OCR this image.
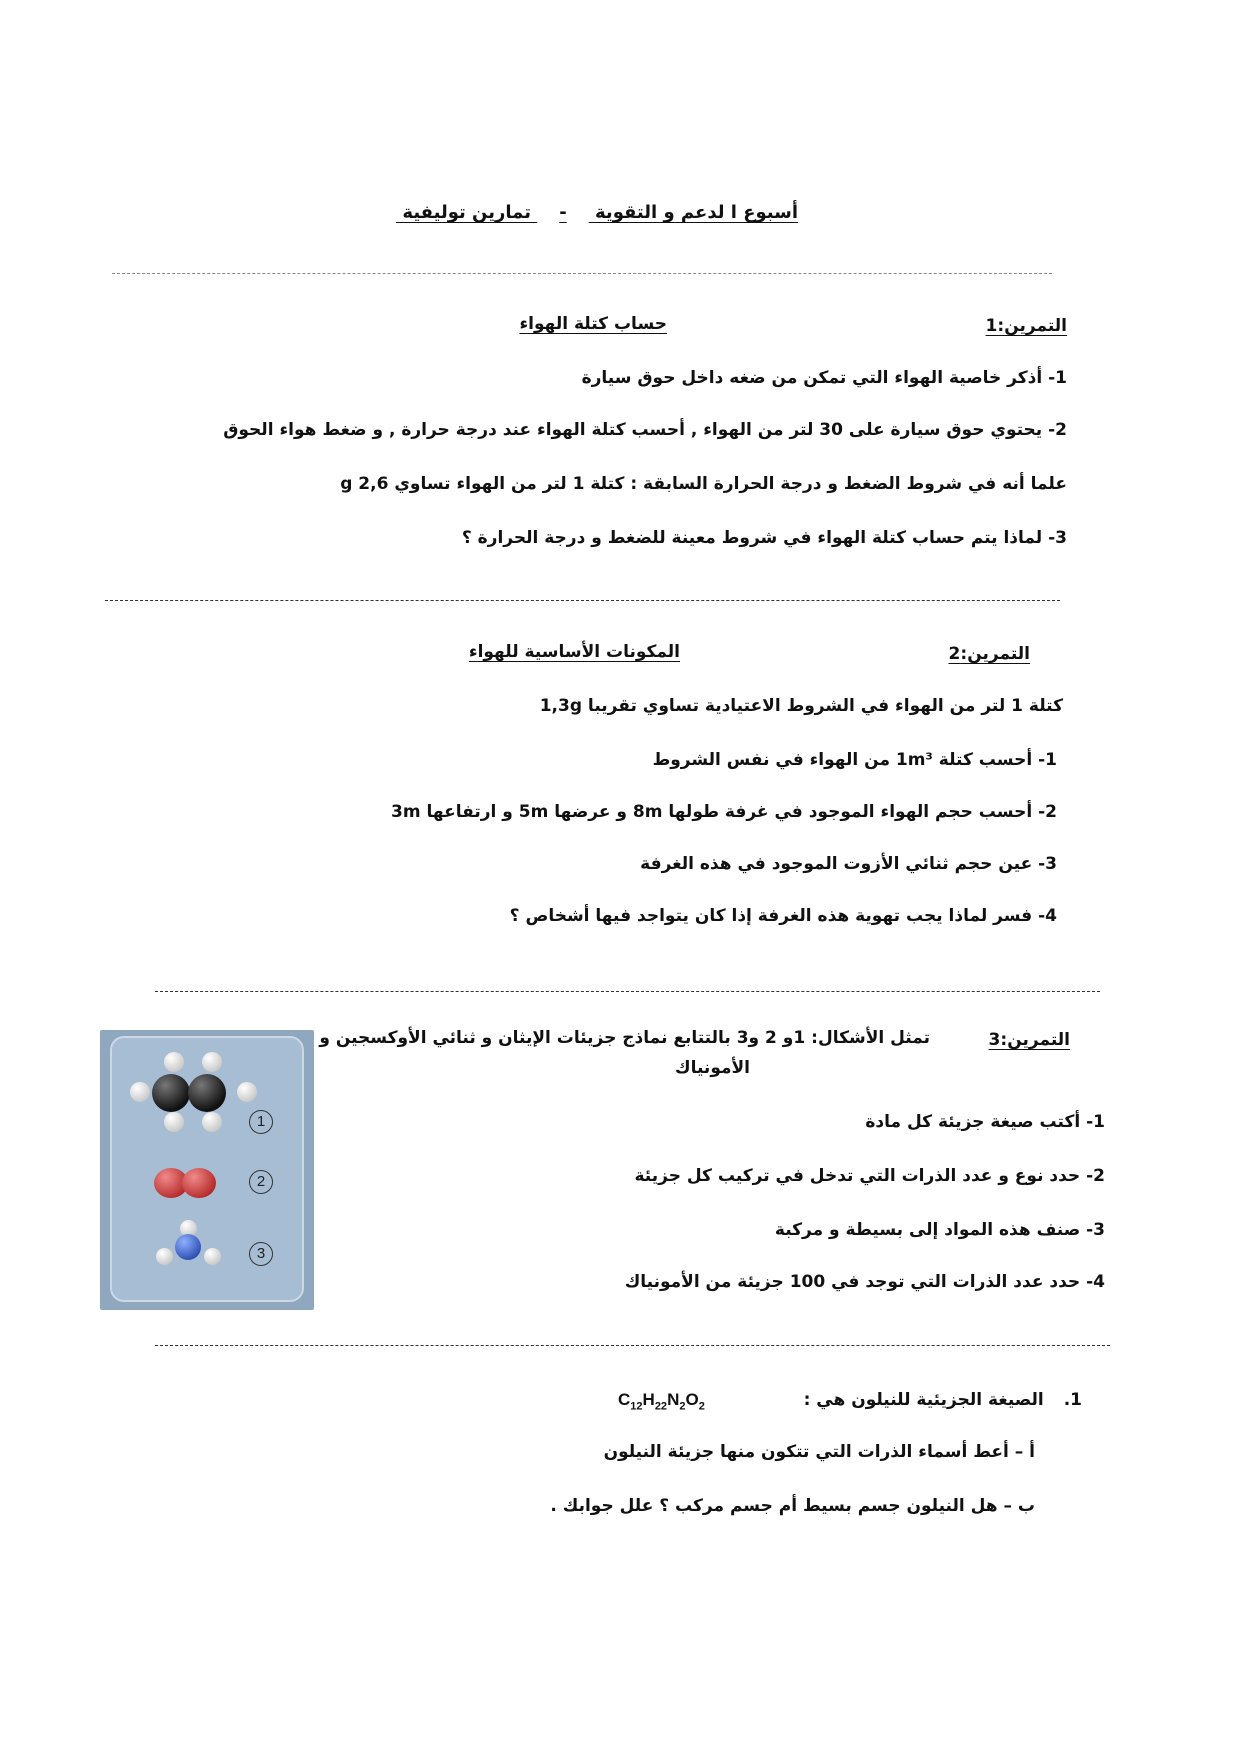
أسبوع ا لدعم و التقوية - تمارين توليفية
التمرين:1
حساب كتلة الهواء
1- أذكر خاصية الهواء التي تمكن من ضغه داخل حوق سيارة
2- يحتوي حوق سيارة على 30 لتر من الهواء , أحسب كتلة الهواء عند درجة حرارة , و ضغط هواء الحوق
علما أنه في شروط الضغط و درجة الحرارة السابقة : كتلة 1 لتر من الهواء تساوي g 2,6
3- لماذا يتم حساب كتلة الهواء في شروط معينة للضغط و درجة الحرارة ؟
التمرين:2
المكونات الأساسية للهواء
كتلة 1 لتر من الهواء في الشروط الاعتيادية تساوي تقريبا 1,3g
1- أحسب كتلة 1m³ من الهواء في نفس الشروط
2- أحسب حجم الهواء الموجود في غرفة طولها 8m و عرضها 5m و ارتفاعها 3m
3- عين حجم ثنائي الأزوت الموجود في هذه الغرفة
4- فسر لماذا يجب تهوية هذه الغرفة إذا كان يتواجد فيها أشخاص ؟
التمرين:3
تمثل الأشكال: 1و 2 و3 بالتتابع نماذج جزيئات الإيثان و ثنائي الأوكسجين و
الأمونياك
1- أكتب صيغة جزيئة كل مادة
2- حدد نوع و عدد الذرات التي تدخل في تركيب كل جزيئة
3- صنف هذه المواد إلى بسيطة و مركبة
4- حدد عدد الذرات التي توجد في 100 جزيئة من الأمونياك
1
2
3
1. الصيغة الجزيئية للنيلون هي :
$C_{12}H_{22}N_2O_2$
أ – أعط أسماء الذرات التي تتكون منها جزيئة النيلون
ب – هل النيلون جسم بسيط أم جسم مركب ؟ علل جوابك .
